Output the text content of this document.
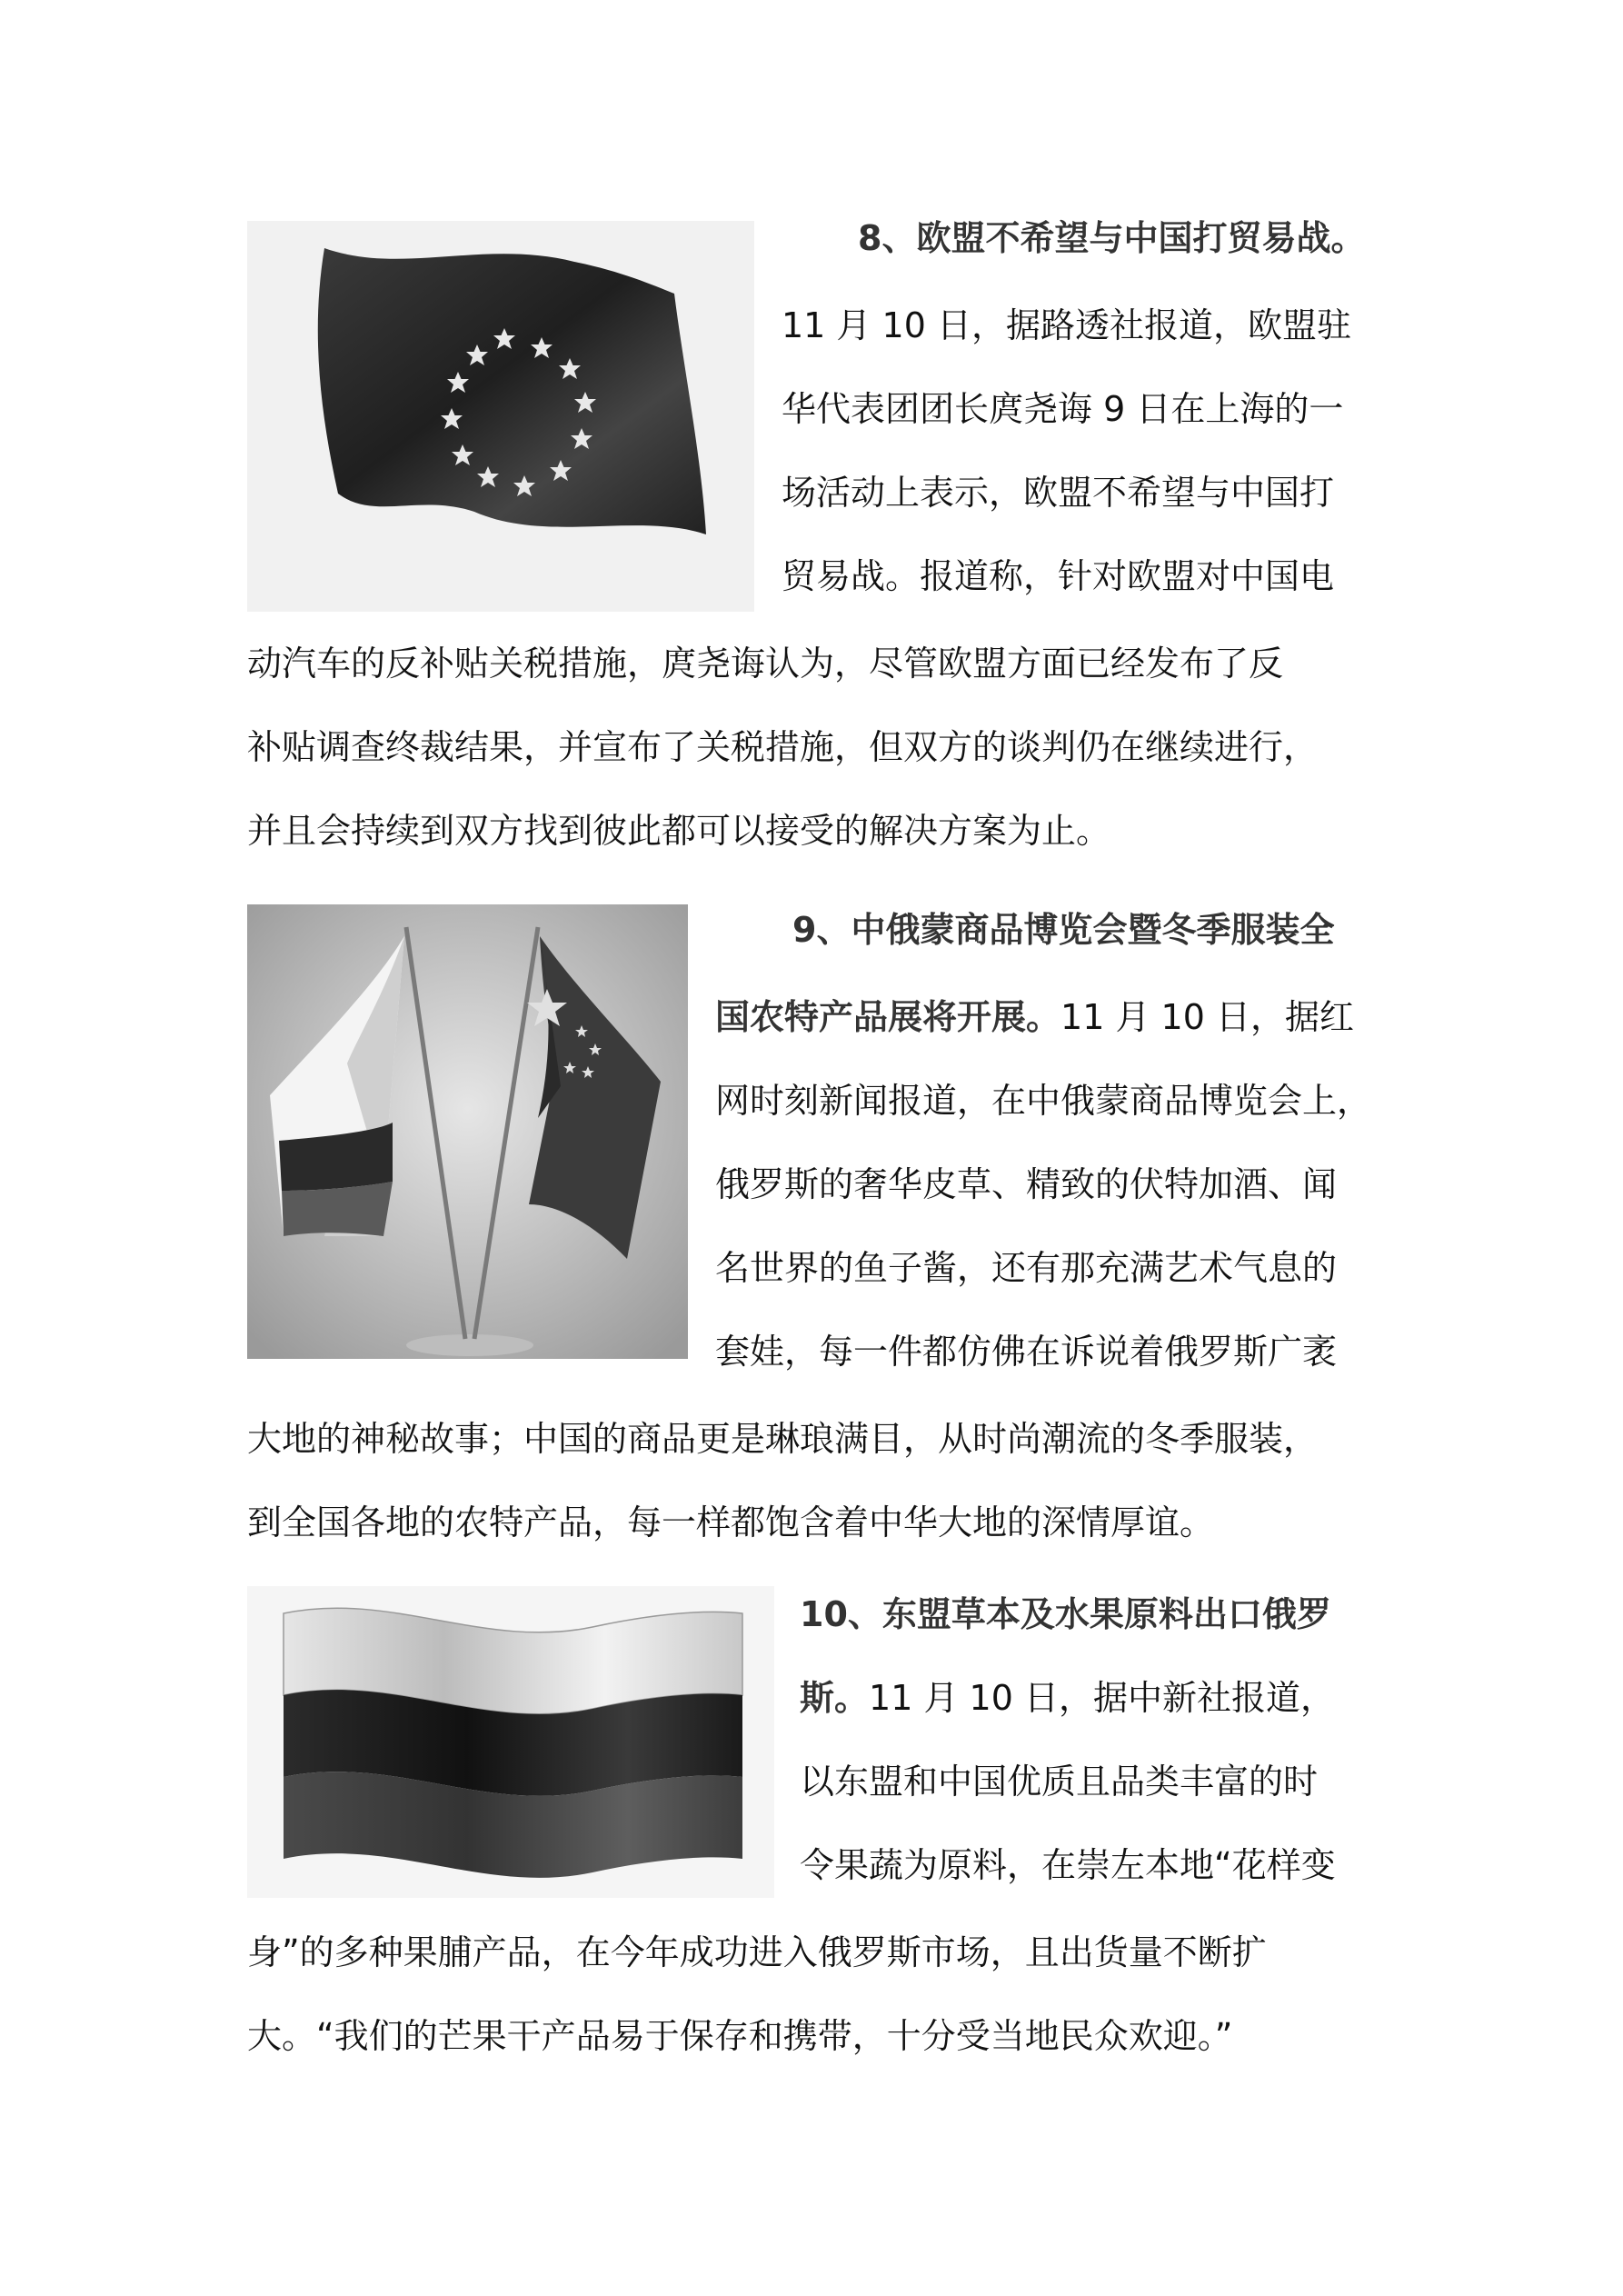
8、欧盟不希望与中国打贸易战。
11 月 10 日，据路透社报道，欧盟驻
华代表团团长庹尧诲 9 日在上海的一
场活动上表示，欧盟不希望与中国打
贸易战。报道称，针对欧盟对中国电
动汽车的反补贴关税措施，庹尧诲认为，尽管欧盟方面已经发布了反
补贴调查终裁结果，并宣布了关税措施，但双方的谈判仍在继续进行，
并且会持续到双方找到彼此都可以接受的解决方案为止。
9、中俄蒙商品博览会暨冬季服装全
国农特产品展将开展。11 月 10 日，据红
网时刻新闻报道，在中俄蒙商品博览会上，
俄罗斯的奢华皮草、精致的伏特加酒、闻
名世界的鱼子酱，还有那充满艺术气息的
套娃，每一件都仿佛在诉说着俄罗斯广袤
大地的神秘故事；中国的商品更是琳琅满目，从时尚潮流的冬季服装，
到全国各地的农特产品，每一样都饱含着中华大地的深情厚谊。
10、东盟草本及水果原料出口俄罗
斯。11 月 10 日，据中新社报道，
以东盟和中国优质且品类丰富的时
令果蔬为原料，在崇左本地“花样变
身”的多种果脯产品，在今年成功进入俄罗斯市场，且出货量不断扩
大。“我们的芒果干产品易于保存和携带，十分受当地民众欢迎。”
